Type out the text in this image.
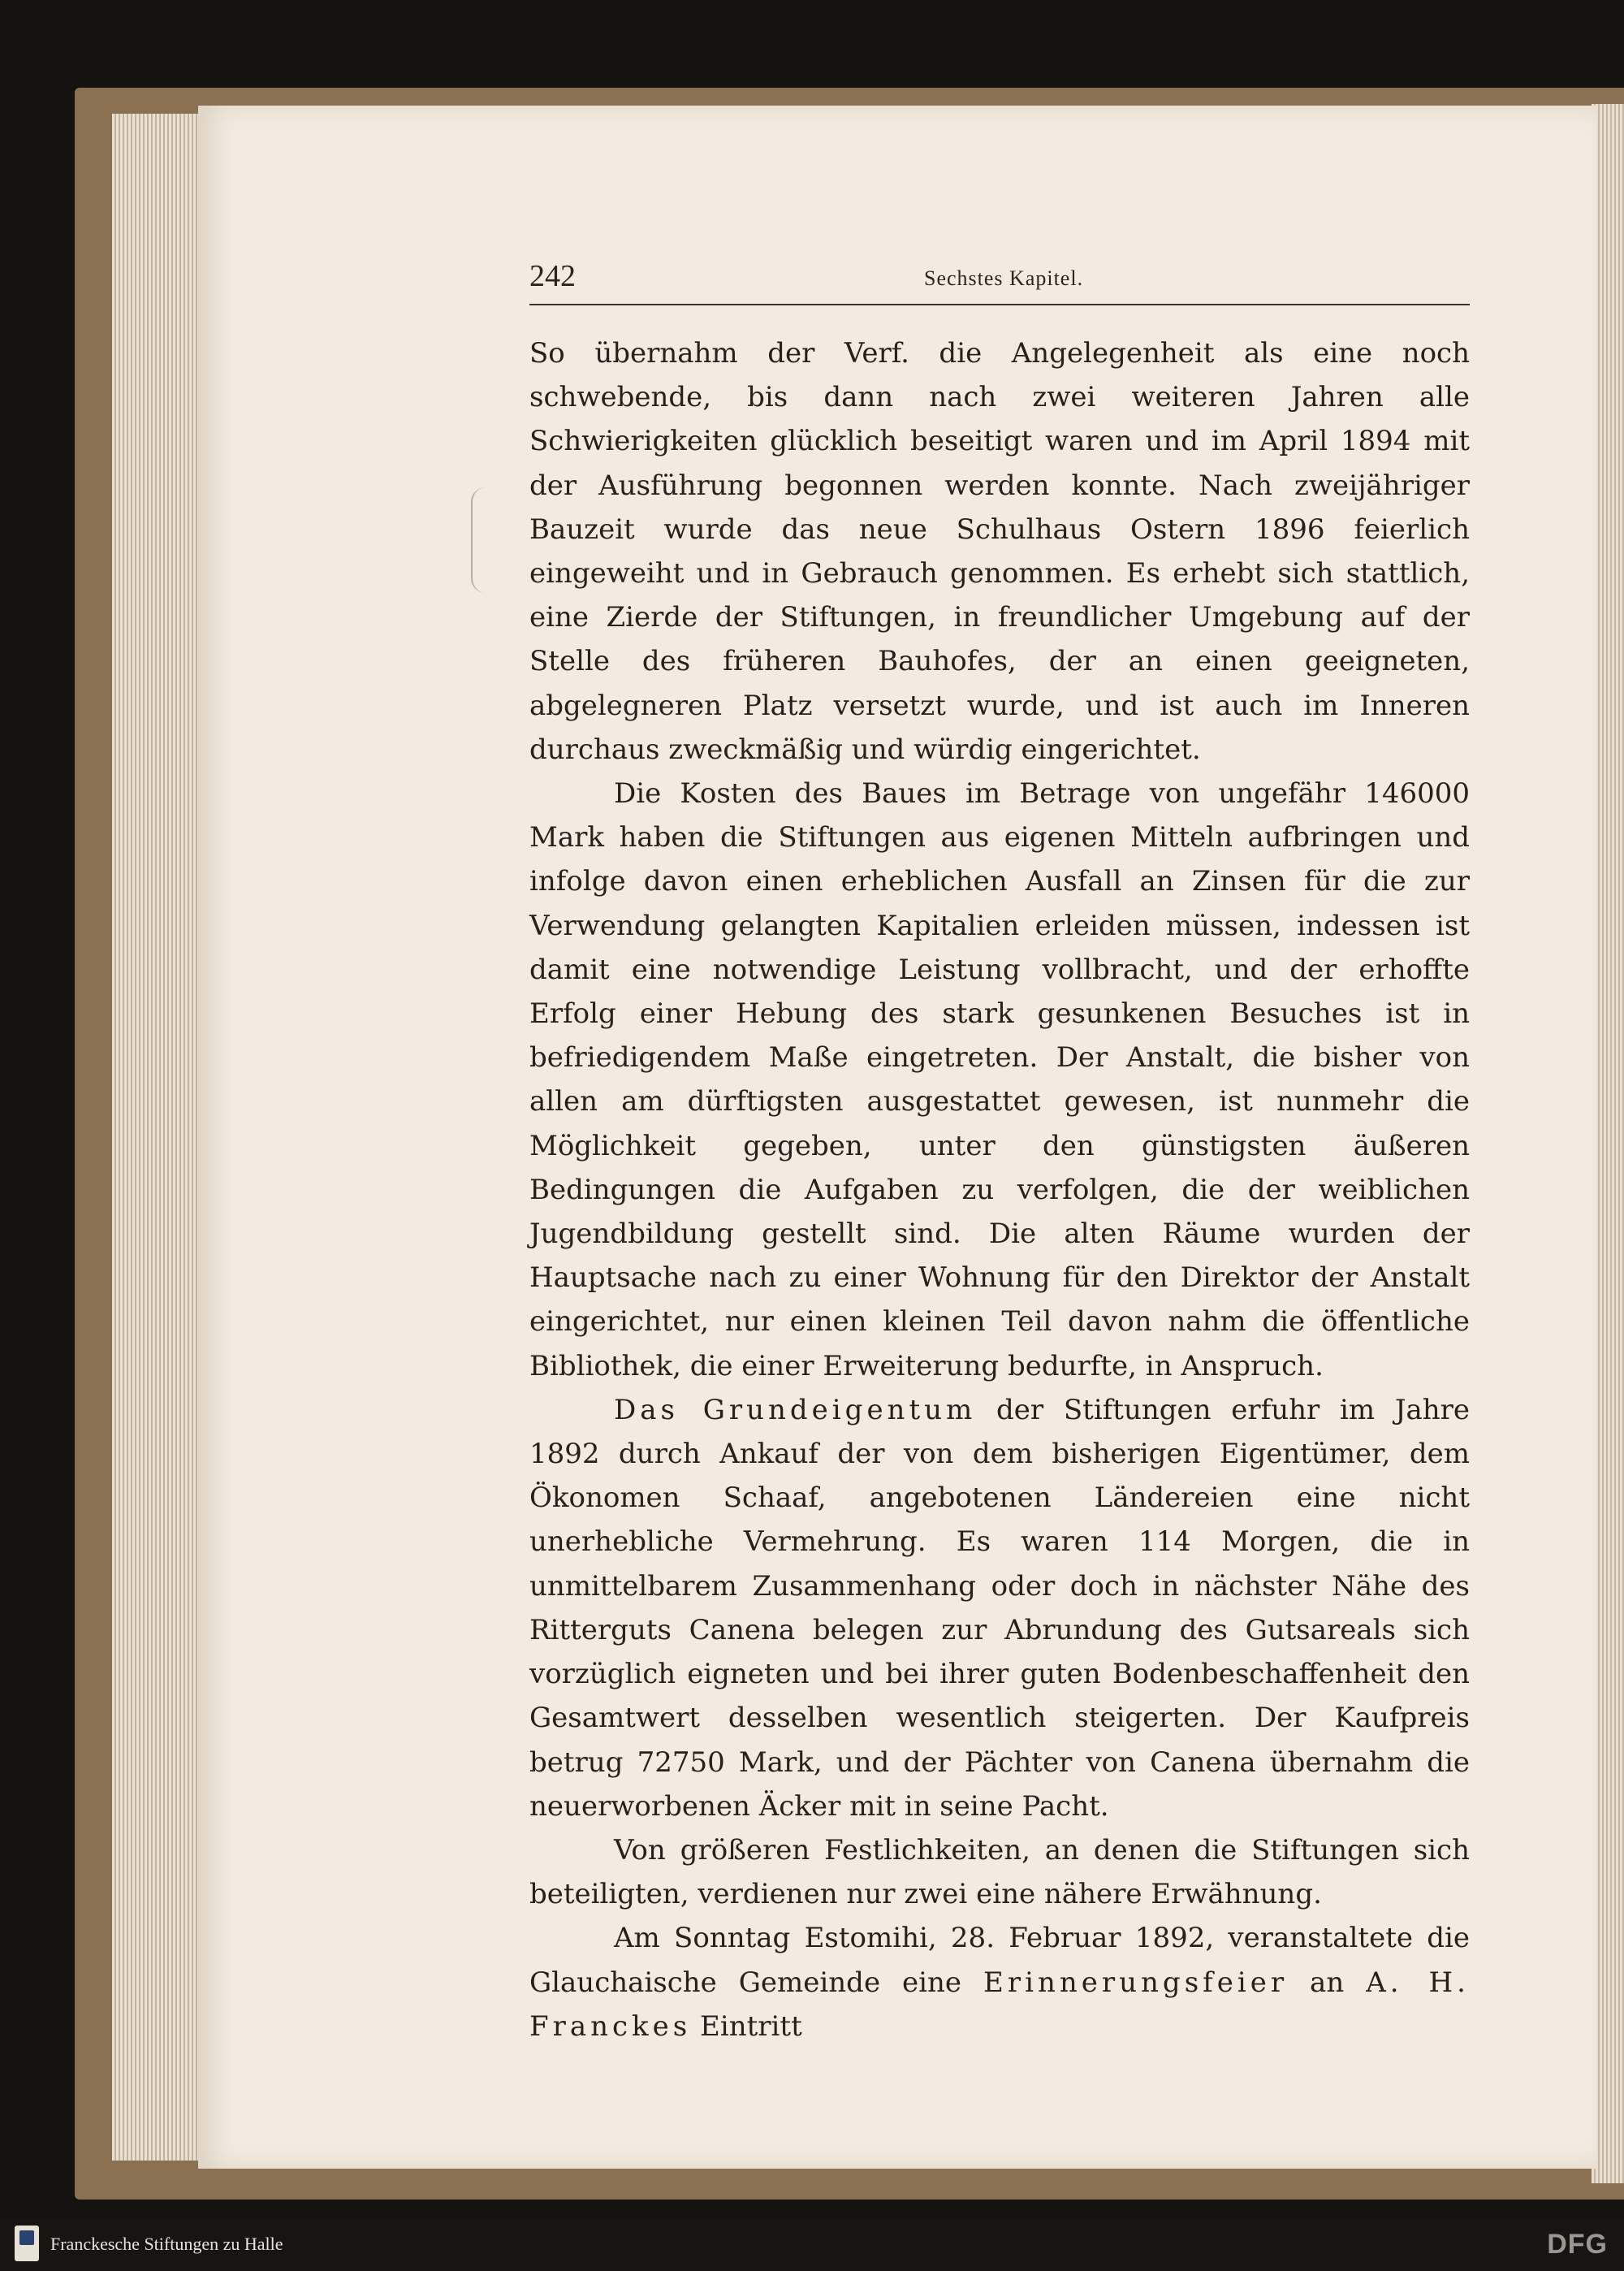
242	Sechstes Kapitel.

So übernahm der Verf. die Angelegenheit als eine noch schwebende, bis dann nach zwei weiteren Jahren alle Schwierigkeiten glücklich beseitigt waren und im April 1894 mit der Ausführung begonnen werden konnte. Nach zweijähriger Bauzeit wurde das neue Schulhaus Ostern 1896 feierlich eingeweiht und in Gebrauch genommen. Es erhebt sich stattlich, eine Zierde der Stiftungen, in freundlicher Umgebung auf der Stelle des früheren Bauhofes, der an einen geeigneten, abgelegneren Platz versetzt wurde, und ist auch im Inneren durchaus zweckmäßig und würdig eingerichtet.

Die Kosten des Baues im Betrage von ungefähr 146000 Mark haben die Stiftungen aus eigenen Mitteln aufbringen und infolge davon einen erheblichen Ausfall an Zinsen für die zur Verwendung gelangten Kapitalien erleiden müssen, indessen ist damit eine notwendige Leistung vollbracht, und der erhoffte Erfolg einer Hebung des stark gesunkenen Besuches ist in befriedigendem Maße eingetreten. Der Anstalt, die bisher von allen am dürftigsten ausgestattet gewesen, ist nunmehr die Möglichkeit gegeben, unter den günstigsten äußeren Bedingungen die Aufgaben zu verfolgen, die der weiblichen Jugendbildung gestellt sind. Die alten Räume wurden der Hauptsache nach zu einer Wohnung für den Direktor der Anstalt eingerichtet, nur einen kleinen Teil davon nahm die öffentliche Bibliothek, die einer Erweiterung bedurfte, in Anspruch.

Das Grundeigentum der Stiftungen erfuhr im Jahre 1892 durch Ankauf der von dem bisherigen Eigentümer, dem Ökonomen Schaaf, angebotenen Ländereien eine nicht unerhebliche Vermehrung. Es waren 114 Morgen, die in unmittelbarem Zusammenhang oder doch in nächster Nähe des Ritterguts Canena belegen zur Abrundung des Gutsareals sich vorzüglich eigneten und bei ihrer guten Bodenbeschaffenheit den Gesamtwert desselben wesentlich steigerten. Der Kaufpreis betrug 72750 Mark, und der Pächter von Canena übernahm die neuerworbenen Äcker mit in seine Pacht.

Von größeren Festlichkeiten, an denen die Stiftungen sich beteiligten, verdienen nur zwei eine nähere Erwähnung.

Am Sonntag Estomihi, 28. Februar 1892, veranstaltete die Glauchaische Gemeinde eine Erinnerungsfeier an A. H. Franckes Eintritt

Franckesche Stiftungen zu Halle	DFG
